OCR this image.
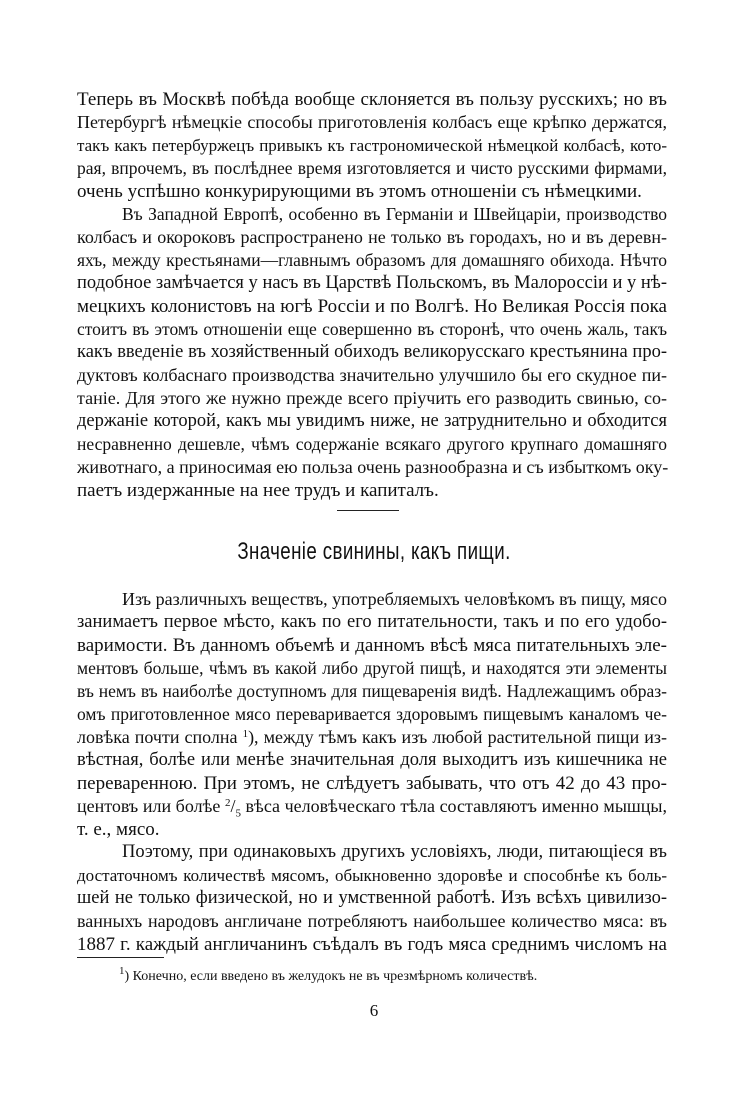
Теперь въ Москвѣ побѣда вообще склоняется въ пользу русскихъ; но въ
Петербургѣ нѣмецкіе способы приготовленія колбасъ еще крѣпко держатся,
такъ какъ петербуржецъ привыкъ къ гастрономической нѣмецкой колбасѣ, кото-
рая, впрочемъ, въ послѣднее время изготовляется и чисто русскими фирмами,
очень успѣшно конкурирующими въ этомъ отношеніи съ нѣмецкими.
Въ Западной Европѣ, особенно въ Германіи и Швейцаріи, производство
колбасъ и окороковъ распространено не только въ городахъ, но и въ деревн-
яхъ, между крестьянами—главнымъ образомъ для домашняго обихода. Нѣчто
подобное замѣчается у насъ въ Царствѣ Польскомъ, въ Малороссіи и у нѣ-
мецкихъ колонистовъ на югѣ Россіи и по Волгѣ. Но Великая Россія пока
стоитъ въ этомъ отношеніи еще совершенно въ сторонѣ, что очень жаль, такъ
какъ введеніе въ хозяйственный обиходъ великорусскаго крестьянина про-
дуктовъ колбаснаго производства значительно улучшило бы его скудное пи-
таніе. Для этого же нужно прежде всего пріучить его разводить свинью, со-
держаніе которой, какъ мы увидимъ ниже, не затруднительно и обходится
несравненно дешевле, чѣмъ содержаніе всякаго другого крупнаго домашняго
животнаго, а приносимая ею польза очень разнообразна и съ избыткомъ оку-
паетъ издержанные на нее трудъ и капиталъ.
Значеніе свинины, какъ пищи.
Изъ различныхъ веществъ, употребляемыхъ человѣкомъ въ пищу, мясо
занимаетъ первое мѣсто, какъ по его питательности, такъ и по его удобо-
варимости. Въ данномъ объемѣ и данномъ вѣсѣ мяса питательныхъ эле-
ментовъ больше, чѣмъ въ какой либо другой пищѣ, и находятся эти элементы
въ немъ въ наиболѣе доступномъ для пищеваренія видѣ. Надлежащимъ образ-
омъ приготовленное мясо переваривается здоровымъ пищевымъ каналомъ че-
ловѣка почти сполна $^1$), между тѣмъ какъ изъ любой растительной пищи из-
вѣстная, болѣе или менѣе значительная доля выходитъ изъ кишечника не
переваренною. При этомъ, не слѣдуетъ забывать, что отъ 42 до 43 про-
центовъ или болѣе $^2/_5$ вѣса человѣческаго тѣла составляютъ именно мышцы,
т. е., мясо.
Поэтому, при одинаковыхъ другихъ условіяхъ, люди, питающіеся въ
достаточномъ количествѣ мясомъ, обыкновенно здоровѣе и способнѣе къ боль-
шей не только физической, но и умственной работѣ. Изъ всѣхъ цивилизо-
ванныхъ народовъ англичане потребляютъ наибольшее количество мяса: въ
1887 г. каждый англичанинъ съѣдалъ въ годъ мяса среднимъ числомъ на
$^1$) Конечно, если введено въ желудокъ не въ чрезмѣрномъ количествѣ.
6
